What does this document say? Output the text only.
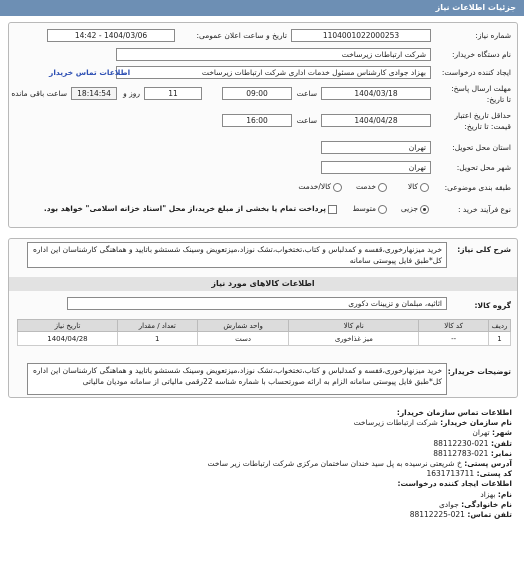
جزئیات اطلاعات نیاز
شماره نیاز:
1104001022000253
تاریخ و ساعت اعلان عمومی:
1404/03/06 - 14:42
نام دستگاه خریدار:
شرکت ارتباطات زیرساخت
ایجاد کننده درخواست:
بهزاد جوادی کارشناس مسئول خدمات اداری شرکت ارتباطات زیرساخت
اطلاعات تماس خریدار
مهلت ارسال پاسخ:
تا تاریخ:
1404/03/18
ساعت
09:00
11
روز و
18:14:54
ساعت باقی مانده
حداقل تاریخ اعتبار
قیمت: تا تاریخ:
1404/04/28
ساعت
16:00
استان محل تحویل:
تهران
شهر محل تحویل:
تهران
طبقه بندی موضوعی:
کالا
خدمت
کالا/خدمت
نوع فرآیند خرید :
جزیی
متوسط
پرداخت تمام یا بخشی از مبلغ خرید،از محل "اسناد خزانه اسلامی" خواهد بود.
شرح کلی نیاز:
خرید میزنهارخوری،قفسه و کمدلباس و کتاب،تختخواب،تشک نوزاد،میزتعویض وسینک شستشو باتایید و هماهنگی کارشناسان این اداره کل*طبق فایل پیوستی سامانه
اطلاعات کالاهای مورد نیاز
گروه کالا:
اثاثیه، مبلمان و تزیینات دکوری
ردیف	کد کالا	نام کالا	واحد شمارش	تعداد / مقدار	تاریخ نیاز
1	--	میز غذاخوری	دست	1	1404/04/28
توضیحات خریدار:
خرید میزنهارخوری،قفسه و کمدلباس و کتاب،تختخواب،تشک نوزاد،میزتعویض وسینک شستشو باتایید و هماهنگی کارشناسان این اداره کل*طبق فایل پیوستی سامانه الزام به ارائه صورتحساب با شماره شناسه 22رقمی مالیاتی از سامانه مودیان مالیاتی
اطلاعات تماس سازمان خریدار:
نام سازمان خریدار: شرکت ارتباطات زیرساخت
شهر: تهران
تلفن: 021-88112230
نمابر: 021-88112783
آدرس پستی: خ شریعتی نرسیده به پل سید خندان ساختمان مرکزی شرکت ارتباطات زیر ساخت
کد پستی: 1631713711
اطلاعات ایجاد کننده درخواست:
نام: بهزاد
نام خانوادگی: جوادی
تلفن تماس: 021-88112225
